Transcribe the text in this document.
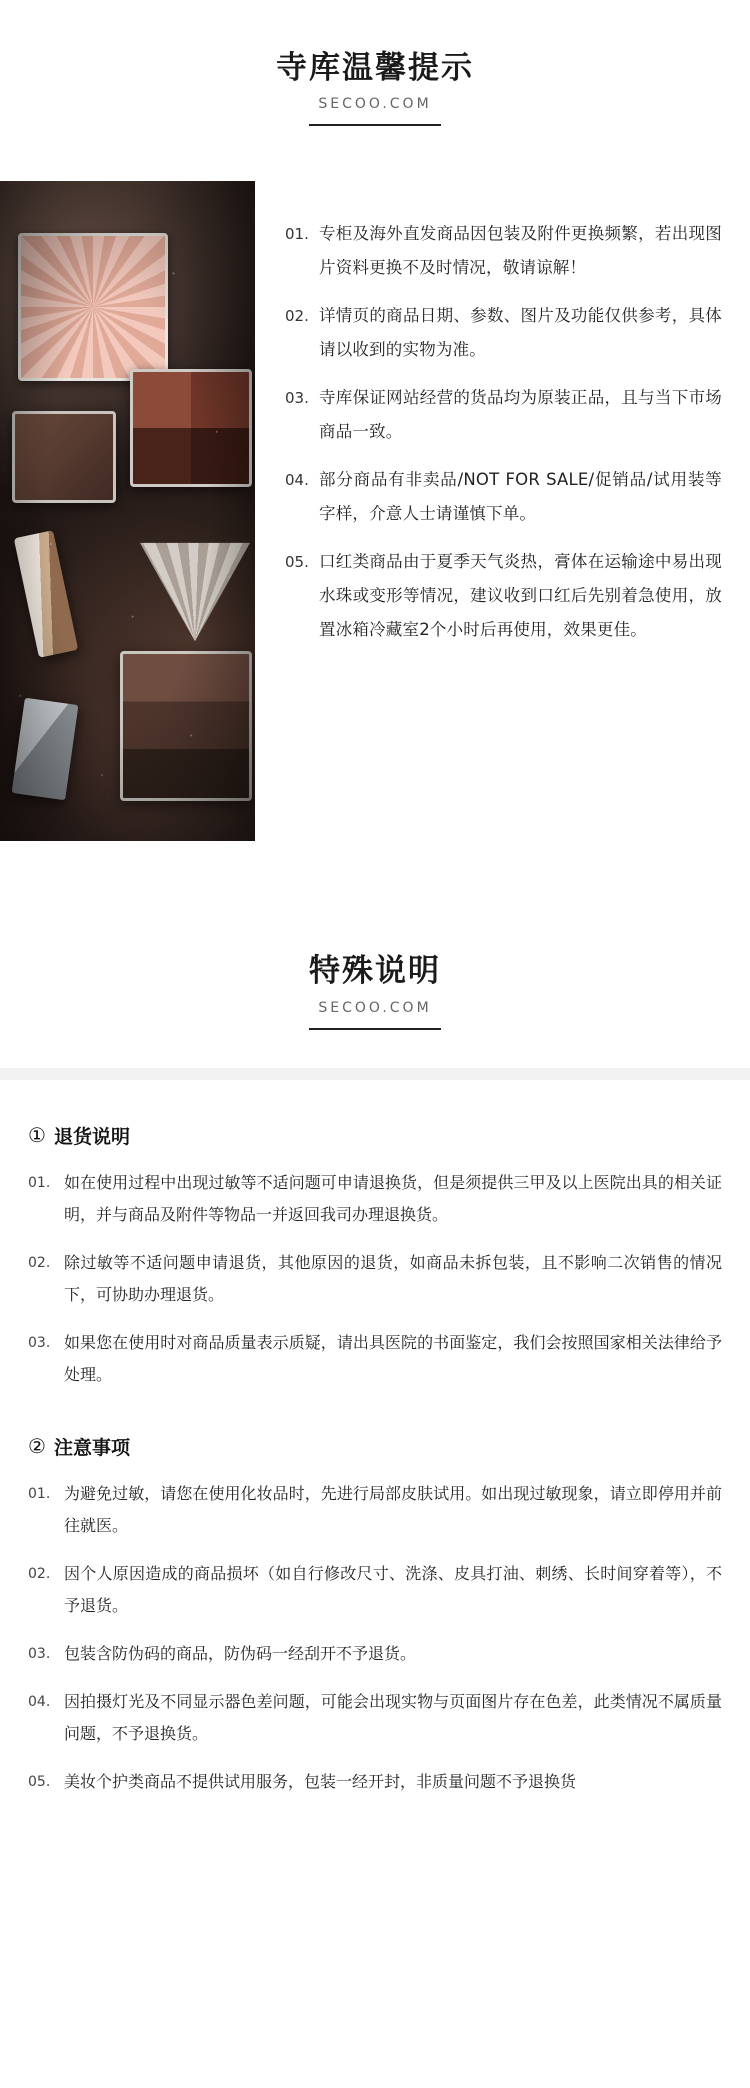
寺库温馨提示
SECOO.COM
01. 专柜及海外直发商品因包装及附件更换频繁，若出现图片资料更换不及时情况，敬请谅解！
02. 详情页的商品日期、参数、图片及功能仅供参考，具体请以收到的实物为准。
03. 寺库保证网站经营的货品均为原装正品，且与当下市场商品一致。
04. 部分商品有非卖品/NOT FOR SALE/促销品/试用装等字样，介意人士请谨慎下单。
05. 口红类商品由于夏季天气炎热，膏体在运输途中易出现水珠或变形等情况，建议收到口红后先别着急使用，放置冰箱冷藏室2个小时后再使用，效果更佳。
特殊说明
SECOO.COM
① 退货说明
01. 如在使用过程中出现过敏等不适问题可申请退换货，但是须提供三甲及以上医院出具的相关证明，并与商品及附件等物品一并返回我司办理退换货。
02. 除过敏等不适问题申请退货，其他原因的退货，如商品未拆包装，且不影响二次销售的情况下，可协助办理退货。
03. 如果您在使用时对商品质量表示质疑，请出具医院的书面鉴定，我们会按照国家相关法律给予处理。
② 注意事项
01. 为避免过敏，请您在使用化妆品时，先进行局部皮肤试用。如出现过敏现象，请立即停用并前往就医。
02. 因个人原因造成的商品损坏（如自行修改尺寸、洗涤、皮具打油、刺绣、长时间穿着等），不予退货。
03. 包装含防伪码的商品，防伪码一经刮开不予退货。
04. 因拍摄灯光及不同显示器色差问题，可能会出现实物与页面图片存在色差，此类情况不属质量问题，不予退换货。
05. 美妆个护类商品不提供试用服务，包装一经开封，非质量问题不予退换货
